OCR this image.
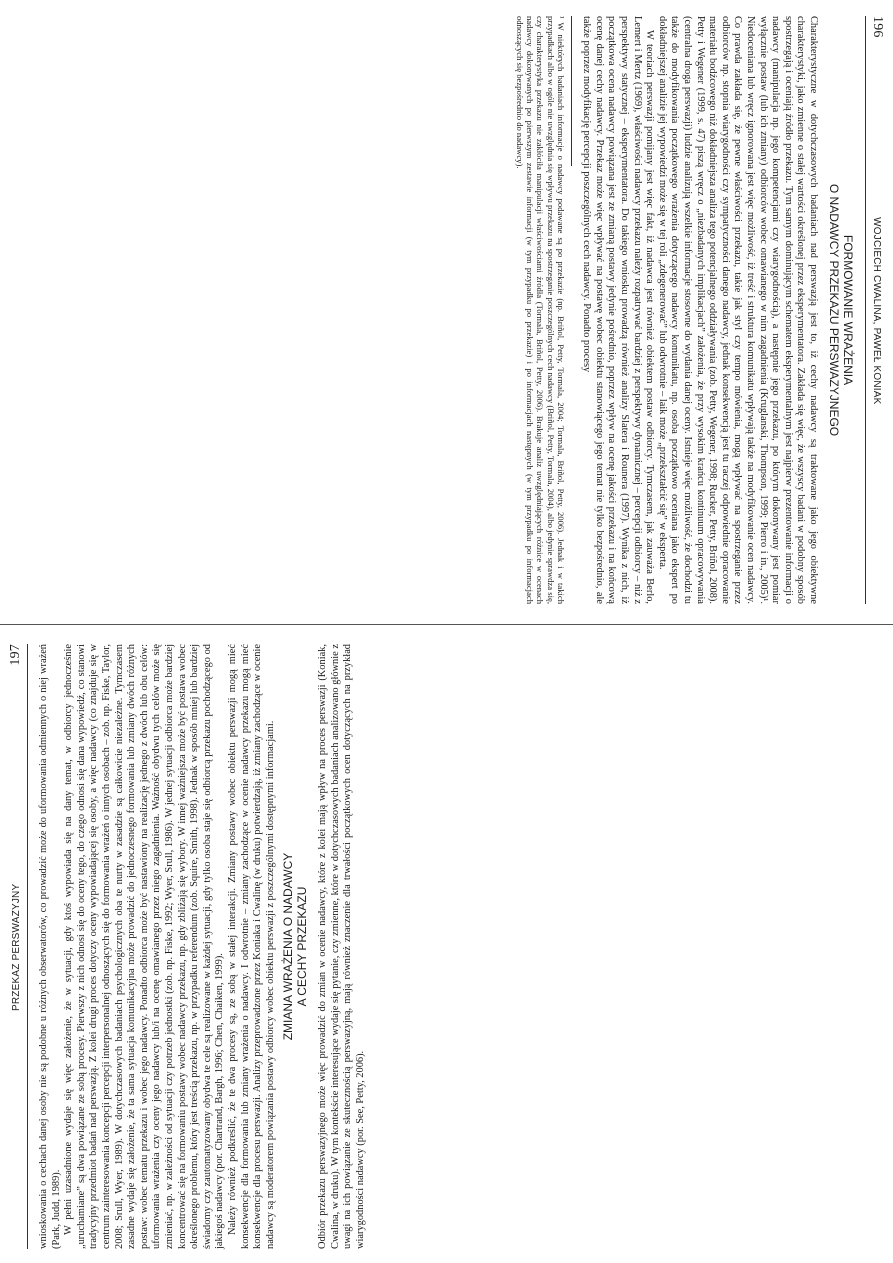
196
WOJCIECH CWALINA, PAWEŁ KONIAK
FORMOWANIE WRAŻENIA
O NADAWCY PRZEKAZU PERSWAZYJNEGO

Charakterystyczne w dotychczasowych badaniach nad perswazją jest to, iż cechy nadawcy są traktowane jako jego obiektywne charakterystyki, jako zmienne o stałej wartości określonej przez eksperymentatora. Zakłada się więc, że wszyscy badani w podobny sposób spostrzegają i oceniają źródło przekazu. Tym samym dominującym schematem eksperymentalnym jest najpierw prezentowanie informacji o nadawcy (manipulacja np. jego kompetencjami czy wiarygodnością), a następnie jego przekazu, po którym dokonywany jest pomiar wyłącznie postaw (lub ich zmiany) odbiorców wobec omawianego w nim zagadnienia (Kruglanski, Thompson, 1999; Pierro i in., 2005)¹. Niedoceniana lub wręcz ignorowana jest więc możliwość, iż treść i struktura komunikatu wpływają także na modyfikowanie ocen nadawcy. Co prawda zakłada się, że pewne właściwości przekazu, takie jak styl czy tempo mówienia, mogą wpływać na spostrzeganie przez odbiorców np. stopnia wiarygodności czy sympatyczności danego nadawcy, jednak konsekwencją jest tu raczej odpowiednie opracowanie materiału bodźcowego niż dokładniejsza analiza tego potencjalnego oddziaływania (zob. Petty, Wegener, 1998; Rucker, Petty, Briñol, 2008). Petty i Wegener (1999, s. 47) piszą wręcz o „niezbadanych implikacjach” założenia, że przy wysokim krańcu kontinuum opracowywania (centralna droga perswazji) ludzie analizują wszelkie informacje stosowne do wydania danej oceny. Istnieje więc możliwość, że dochodzi tu także do modyfikowania początkowego wrażenia dotyczącego nadawcy komunikatu, np. osoba początkowo oceniana jako ekspert po dokładniejszej analizie jej wypowiedzi może się w tej roli „zdegenerować” lub odwrotnie – laik może „przekształcić się” w eksperta.

W teoriach perswazji pomijany jest więc fakt, iż nadawca jest również obiektem postaw odbiorcy. Tymczasem, jak zauważa Berlo, Lemert i Mertz (1969), właściwości nadawcy przekazu należy rozpatrywać bardziej z perspektywy dynamicznej – percepcji odbiorcy – niż z perspektywy statycznej – eksperymentatora. Do takiego wniosku prowadzą również analizy Slatera i Rounera (1997). Wynika z nich, iż początkowa ocena nadawcy powiązana jest ze zmianą postawy jedynie pośrednio, poprzez wpływ na ocenę jakości przekazu i na końcową ocenę danej cechy nadawcy. Przekaz może więc wpływać na postawę wobec obiektu stanowiącego jego temat nie tylko bezpośrednio, ale także poprzez modyfikację percepcji poszczególnych cech nadawcy. Ponadto procesy

¹ W niektórych badaniach informacje o nadawcy podawane są po przekazie (np. Briñol, Petty, Tormala, 2004; Tormala, Briñol, Petty, 2006). Jednak i w takich przypadkach albo w ogóle nie uwzględnia się wpływu przekazu na spostrzeganie poszczególnych cech nadawcy (Briñol, Petty, Tormala, 2004), albo jedynie sprawdza się, czy charakterystyka przekazu nie zakłóciła manipulacji właściwościami źródła (Tormala, Briñol, Petty, 2006). Brakuje analiz uwzględniających różnice w ocenach nadawcy dokonywanych po pierwszym zestawie informacji (w tym przypadku po przekazie) i po informacjach następnych (w tym przypadku po informacjach odnoszących się bezpośrednio do nadawcy).
PRZEKAZ PERSWAZYJNY
197 wnioskowania o cechach danej osoby nie są podobne u różnych obserwatorów, co prowadzić może do uformowania odmiennych o niej wrażeń (Park, Judd, 1989). W pełni uzasadnione wydaje się więc założenie, że w sytuacji, gdy ktoś wypowiada się na dany temat, w odbiorcy jednocześnie „uruchamiane” są dwa powiązane ze sobą procesy. Pierwszy z nich odnosi się do oceny tego, do czego odnosi się dana wypowiedź, co stanowi tradycyjny przedmiot badań nad perswazją. Z kolei drugi proces dotyczy oceny wypowiadającej się osoby, a więc nadawcy (co znajduje się w centrum zainteresowania koncepcji percepcji interpersonalnej odnoszących się do formowania wrażeń o innych osobach – zob. np. Fiske, Taylor, 2008; Srull, Wyer, 1989). W dotychczasowych badaniach psychologicznych oba te nurty w zasadzie są całkowicie niezależne. Tymczasem zasadne wydaje się założenie, że ta sama sytuacja komunikacyjna może prowadzić do jednoczesnego formowania lub zmiany dwóch różnych postaw: wobec tematu przekazu i wobec jego nadawcy. Ponadto odbiorca może być nastawiony na realizację jednego z dwóch lub obu celów: uformowania wrażenia czy oceny jego nadawcy lub/i na ocenę omawianego przez niego zagadnienia. Ważność obydwu tych celów może się zmieniać, np. w zależności od sytuacji czy potrzeb jednostki (zob. np. Fiske, 1992; Wyer, Srull, 1986). W jednej sytuacji odbiorca może bardziej koncentrować się na formowaniu postawy wobec nadawcy przekazu, np. gdy zbliżają się wybory. W innej ważniejsza może być postawa wobec określonego problemu, który jest treścią przekazu, np. w przypadku referendum (zob. Squire, Smith, 1998). Jednak w sposób mniej lub bardziej świadomy czy zautomatyzowany obydwa te cele są realizowane w każdej sytuacji, gdy tylko osoba staje się odbiorcą przekazu pochodzącego od jakiegoś nadawcy (por. Chartrand, Bargh, 1996; Chen, Chaiken, 1999). Należy również podkreślić, że te dwa procesy są, ze sobą w stałej interakcji. Zmiany postawy wobec obiektu perswazji mogą mieć konsekwencje dla formowania lub zmiany wrażenia o nadawcy. I odwrotnie – zmiany zachodzące w ocenie nadawcy przekazu mogą mieć konsekwencje dla procesu perswazji. Analizy przeprowadzone przez Koniaka i Cwalinę (w druku) potwierdzają, iż zmiany zachodzące w ocenie nadawcy są moderatorem powiązania postawy odbiorcy wobec obiektu perswazji z poszczególnymi dostępnymi informacjami. ZMIANA WRAŻENIA O NADAWCY A CECHY PRZEKAZU Odbiór przekazu perswazyjnego może więc prowadzić do zmian w ocenie nadawcy, które z kolei mają wpływ na proces perswazji (Koniak, Cwalina, w druku). W tym kontekście interesujące wydaje się pytanie, czy zmienne, które w dotychczasowych badaniach analizowano głównie z uwagi na ich powiązanie ze skutecznością perswazyjną, mają również znaczenie dla trwałości początkowych ocen dotyczących na przykład wiarygodności nadawcy (por. See, Petty, 2006).
